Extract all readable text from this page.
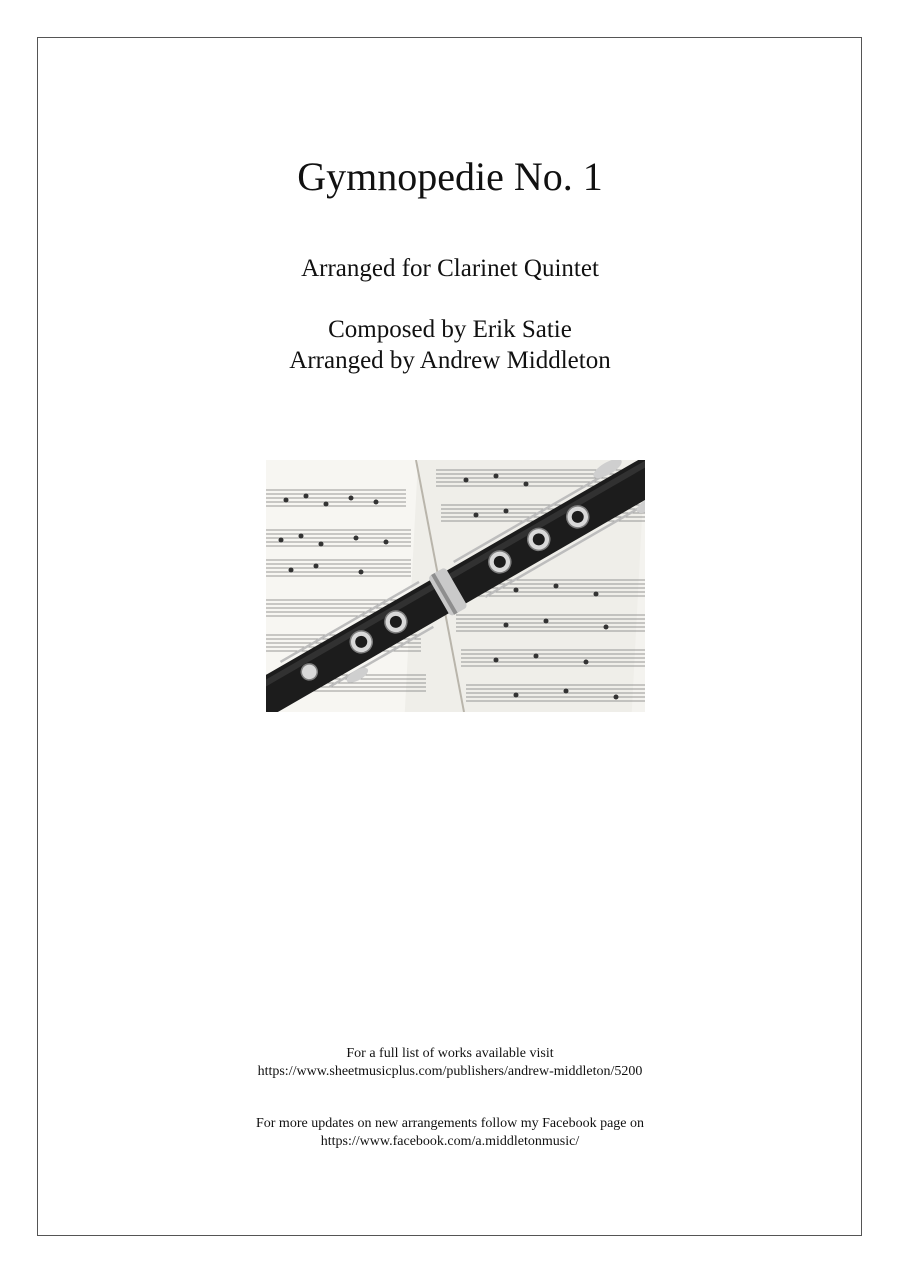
Gymnopedie No. 1
Arranged for Clarinet Quintet
Composed by Erik Satie
Arranged by Andrew Middleton
For a full list of works available visit
https://www.sheetmusicplus.com/publishers/andrew-middleton/5200
For more updates on new arrangements follow my Facebook page on
https://www.facebook.com/a.middletonmusic/
